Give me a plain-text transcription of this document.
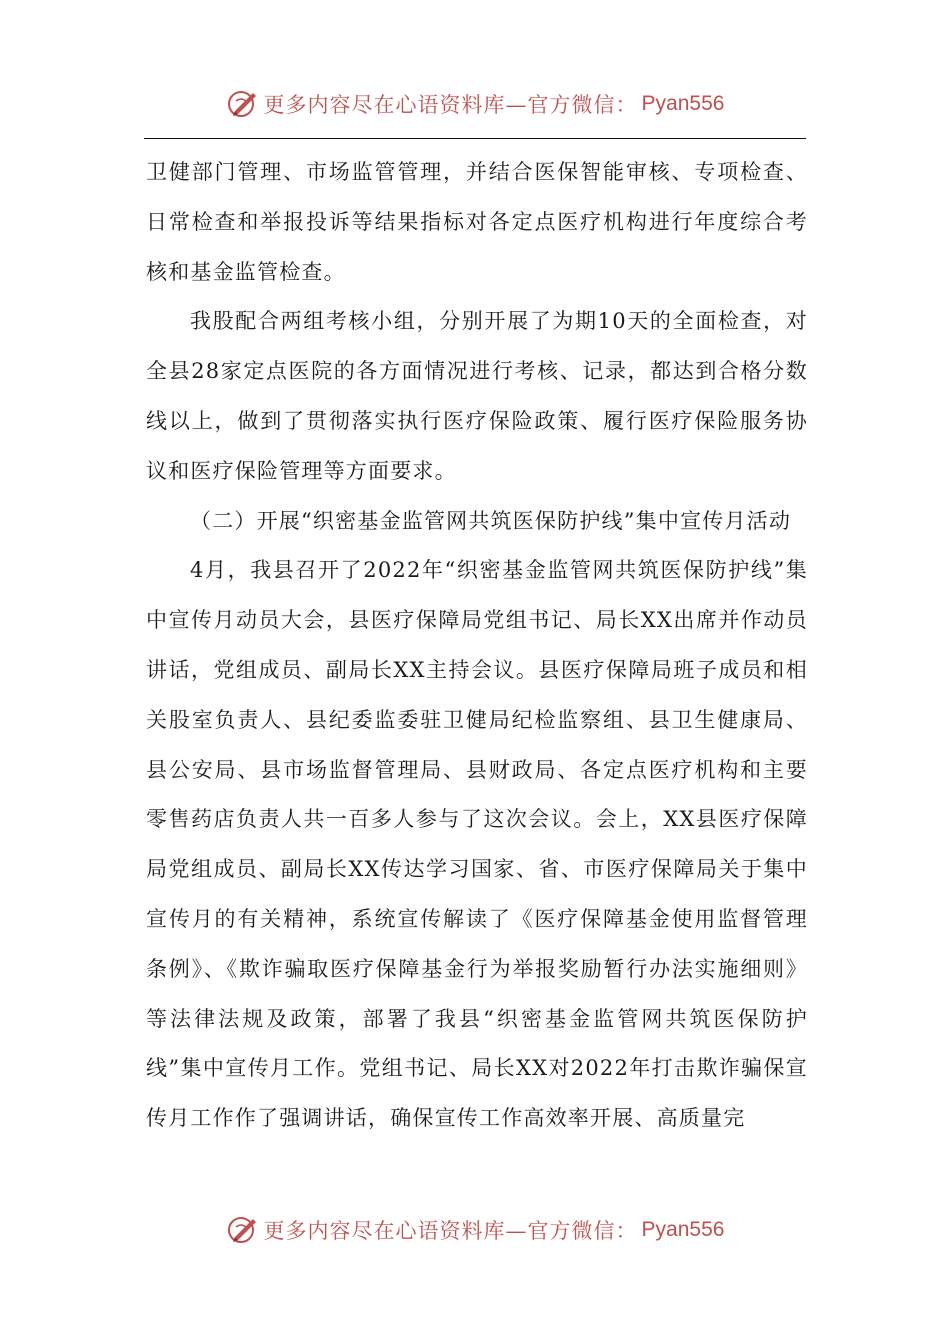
更多内容尽在心语资料库—官方微信： Pyan556

卫健部门管理、市场监管管理，并结合医保智能审核、专项检查、日常检查和举报投诉等结果指标对各定点医疗机构进行年度综合考核和基金监管检查。

我股配合两组考核小组，分别开展了为期10天的全面检查，对全县28家定点医院的各方面情况进行考核、记录，都达到合格分数线以上，做到了贯彻落实执行医疗保险政策、履行医疗保险服务协议和医疗保险管理等方面要求。

（二）开展“织密基金监管网共筑医保防护线”集中宣传月活动

4月，我县召开了2022年“织密基金监管网共筑医保防护线”集中宣传月动员大会，县医疗保障局党组书记、局长XX出席并作动员讲话，党组成员、副局长XX主持会议。县医疗保障局班子成员和相关股室负责人、县纪委监委驻卫健局纪检监察组、县卫生健康局、县公安局、县市场监督管理局、县财政局、各定点医疗机构和主要零售药店负责人共一百多人参与了这次会议。会上，XX县医疗保障局党组成员、副局长XX传达学习国家、省、市医疗保障局关于集中宣传月的有关精神，系统宣传解读了《医疗保障基金使用监督管理条例》、《欺诈骗取医疗保障基金行为举报奖励暂行办法实施细则》等法律法规及政策，部署了我县“织密基金监管网共筑医保防护线”集中宣传月工作。党组书记、局长XX对2022年打击欺诈骗保宣传月工作作了强调讲话，确保宣传工作高效率开展、高质量完

更多内容尽在心语资料库—官方微信： Pyan556
